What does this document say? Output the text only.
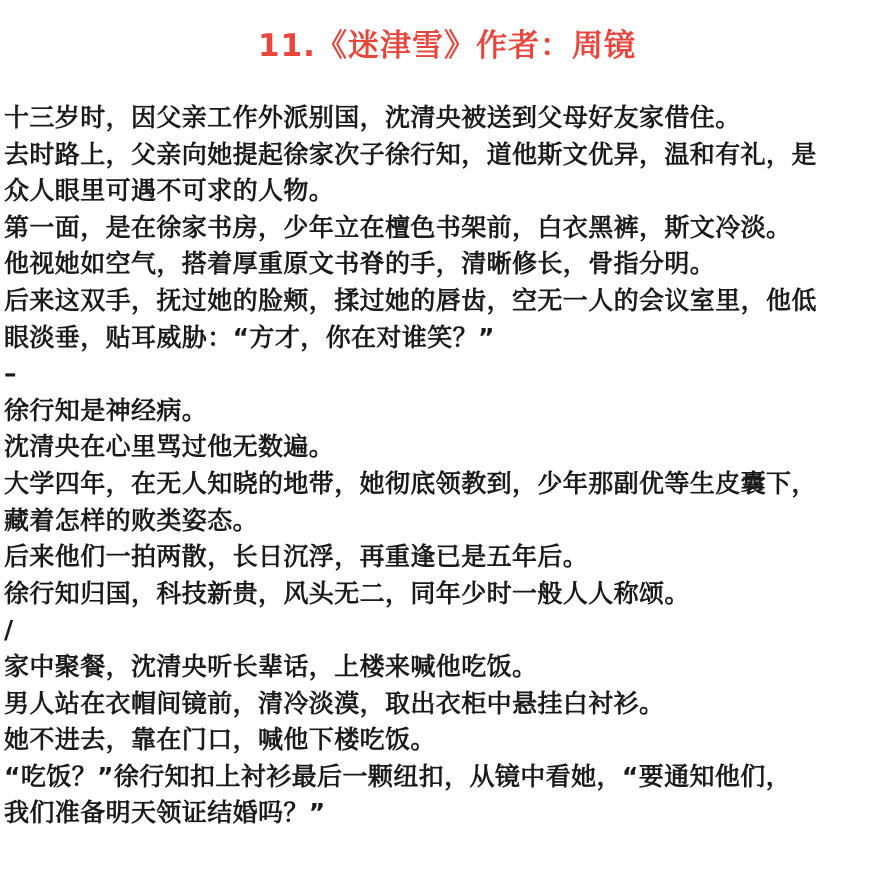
11.《迷津雪》作者：周镜
十三岁时，因父亲工作外派别国，沈清央被送到父母好友家借住。
去时路上，父亲向她提起徐家次子徐行知，道他斯文优异，温和有礼，是
众人眼里可遇不可求的人物。
第一面，是在徐家书房，少年立在檀色书架前，白衣黑裤，斯文冷淡。
他视她如空气，搭着厚重原文书脊的手，清晰修长，骨指分明。
后来这双手，抚过她的脸颊，揉过她的唇齿，空无一人的会议室里，他低
眼淡垂，贴耳威胁：“方才，你在对谁笑？”
–
徐行知是神经病。
沈清央在心里骂过他无数遍。
大学四年，在无人知晓的地带，她彻底领教到，少年那副优等生皮囊下，
藏着怎样的败类姿态。
后来他们一拍两散，长日沉浮，再重逢已是五年后。
徐行知归国，科技新贵，风头无二，同年少时一般人人称颂。
/
家中聚餐，沈清央听长辈话，上楼来喊他吃饭。
男人站在衣帽间镜前，清冷淡漠，取出衣柜中悬挂白衬衫。
她不进去，靠在门口，喊他下楼吃饭。
“吃饭？”徐行知扣上衬衫最后一颗纽扣，从镜中看她，“要通知他们，
我们准备明天领证结婚吗？”
